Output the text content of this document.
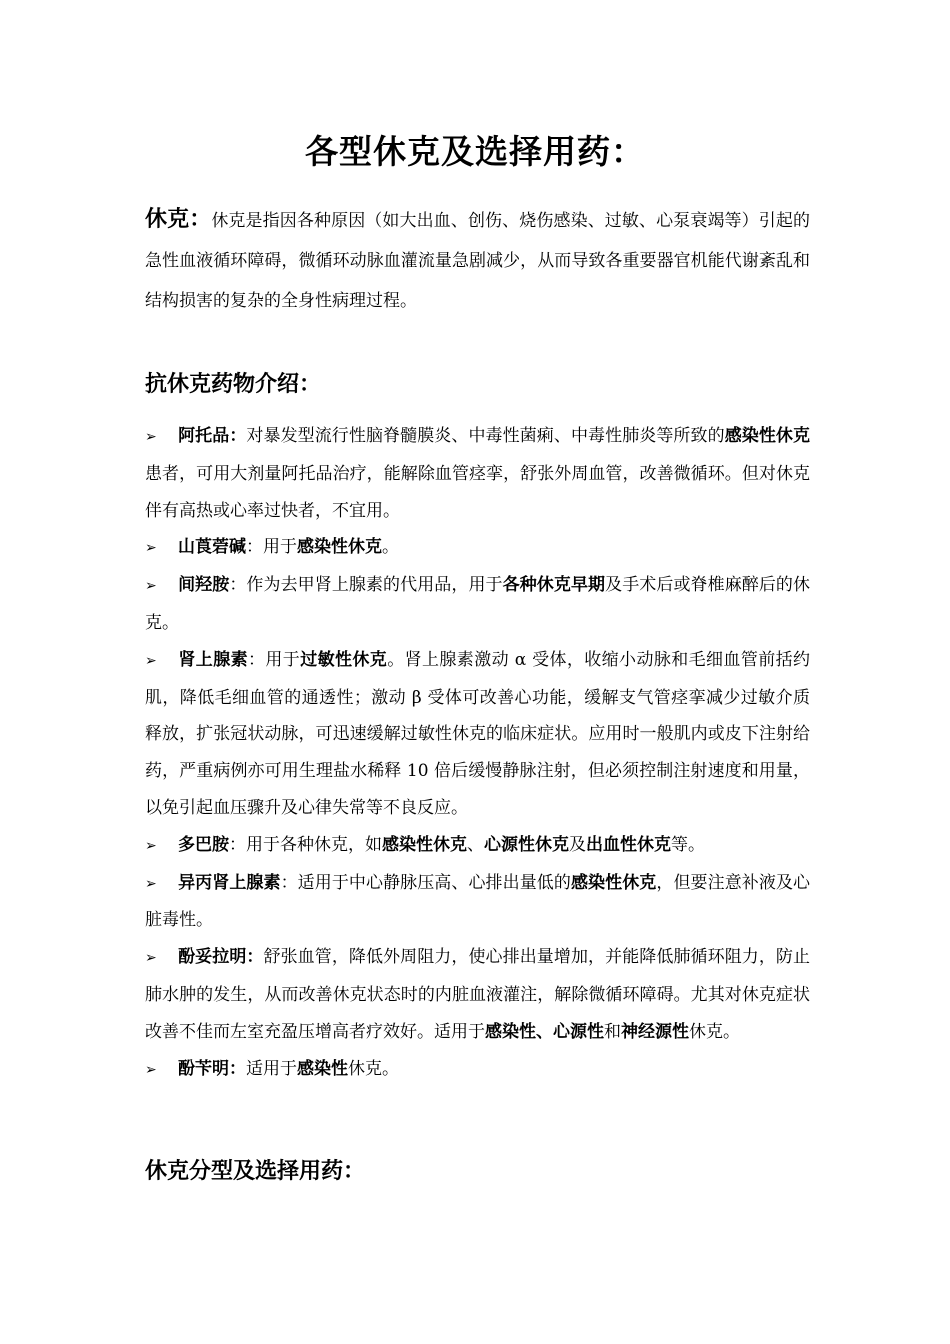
各型休克及选择用药：
休克：休克是指因各种原因（如大出血、创伤、烧伤感染、过敏、心泵衰竭等）引起的急性血液循环障碍，微循环动脉血灌流量急剧减少，从而导致各重要器官机能代谢紊乱和结构损害的复杂的全身性病理过程。
抗休克药物介绍：
➢ 阿托品：对暴发型流行性脑脊髓膜炎、中毒性菌痢、中毒性肺炎等所致的感染性休克患者，可用大剂量阿托品治疗，能解除血管痉挛，舒张外周血管，改善微循环。但对休克伴有高热或心率过快者，不宜用。
➢ 山莨菪碱：用于感染性休克。
➢ 间羟胺：作为去甲肾上腺素的代用品，用于各种休克早期及手术后或脊椎麻醉后的休克。
➢ 肾上腺素：用于过敏性休克。肾上腺素激动 α 受体，收缩小动脉和毛细血管前括约肌，降低毛细血管的通透性；激动 β 受体可改善心功能，缓解支气管痉挛减少过敏介质释放，扩张冠状动脉，可迅速缓解过敏性休克的临床症状。应用时一般肌内或皮下注射给药，严重病例亦可用生理盐水稀释 10 倍后缓慢静脉注射，但必须控制注射速度和用量，以免引起血压骤升及心律失常等不良反应。
➢ 多巴胺：用于各种休克，如感染性休克、心源性休克及出血性休克等。
➢ 异丙肾上腺素：适用于中心静脉压高、心排出量低的感染性休克，但要注意补液及心脏毒性。
➢ 酚妥拉明：舒张血管，降低外周阻力，使心排出量增加，并能降低肺循环阻力，防止肺水肿的发生，从而改善休克状态时的内脏血液灌注，解除微循环障碍。尤其对休克症状改善不佳而左室充盈压增高者疗效好。适用于感染性、心源性和神经源性休克。
➢ 酚苄明：适用于感染性休克。
休克分型及选择用药：
